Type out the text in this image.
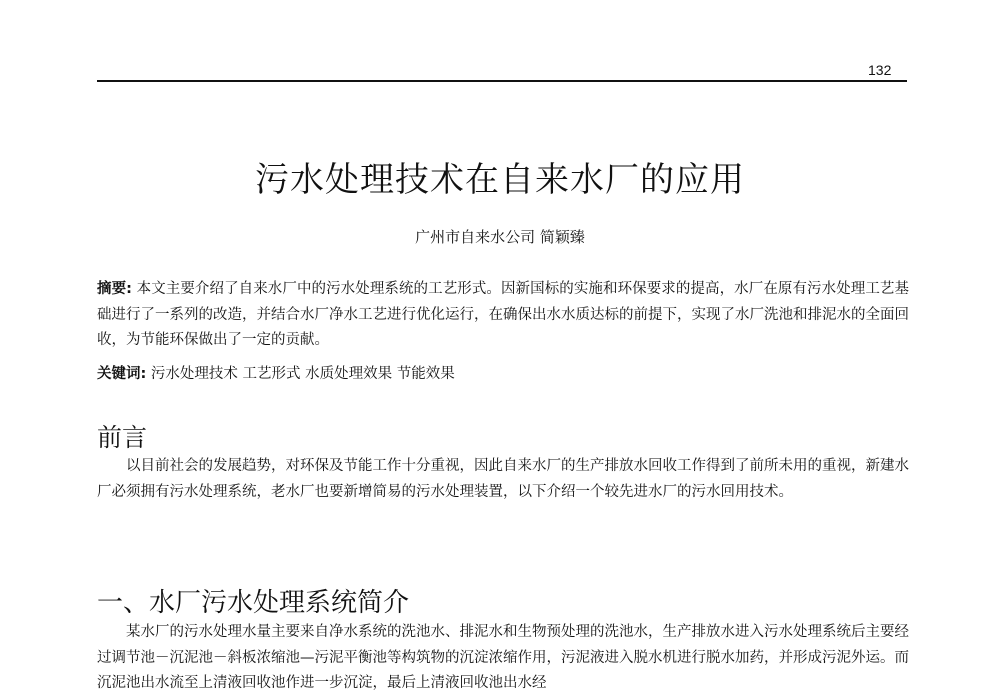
132
污水处理技术在自来水厂的应用
广州市自来水公司 简颖臻
摘要: 本文主要介绍了自来水厂中的污水处理系统的工艺形式。因新国标的实施和环保要求的提高，水厂在原有污水处理工艺基础进行了一系列的改造，并结合水厂净水工艺进行优化运行，在确保出水水质达标的前提下，实现了水厂洗池和排泥水的全面回收，为节能环保做出了一定的贡献。
关键词: 污水处理技术 工艺形式 水质处理效果 节能效果
前言
以目前社会的发展趋势，对环保及节能工作十分重视，因此自来水厂的生产排放水回收工作得到了前所未用的重视，新建水厂必须拥有污水处理系统，老水厂也要新增简易的污水处理装置，以下介绍一个较先进水厂的污水回用技术。
一、水厂污水处理系统简介
某水厂的污水处理水量主要来自净水系统的洗池水、排泥水和生物预处理的洗池水，生产排放水进入污水处理系统后主要经过调节池－沉泥池－斜板浓缩池—污泥平衡池等构筑物的沉淀浓缩作用，污泥液进入脱水机进行脱水加药，并形成污泥外运。而沉泥池出水流至上清液回收池作进一步沉淀，最后上清液回收池出水经
